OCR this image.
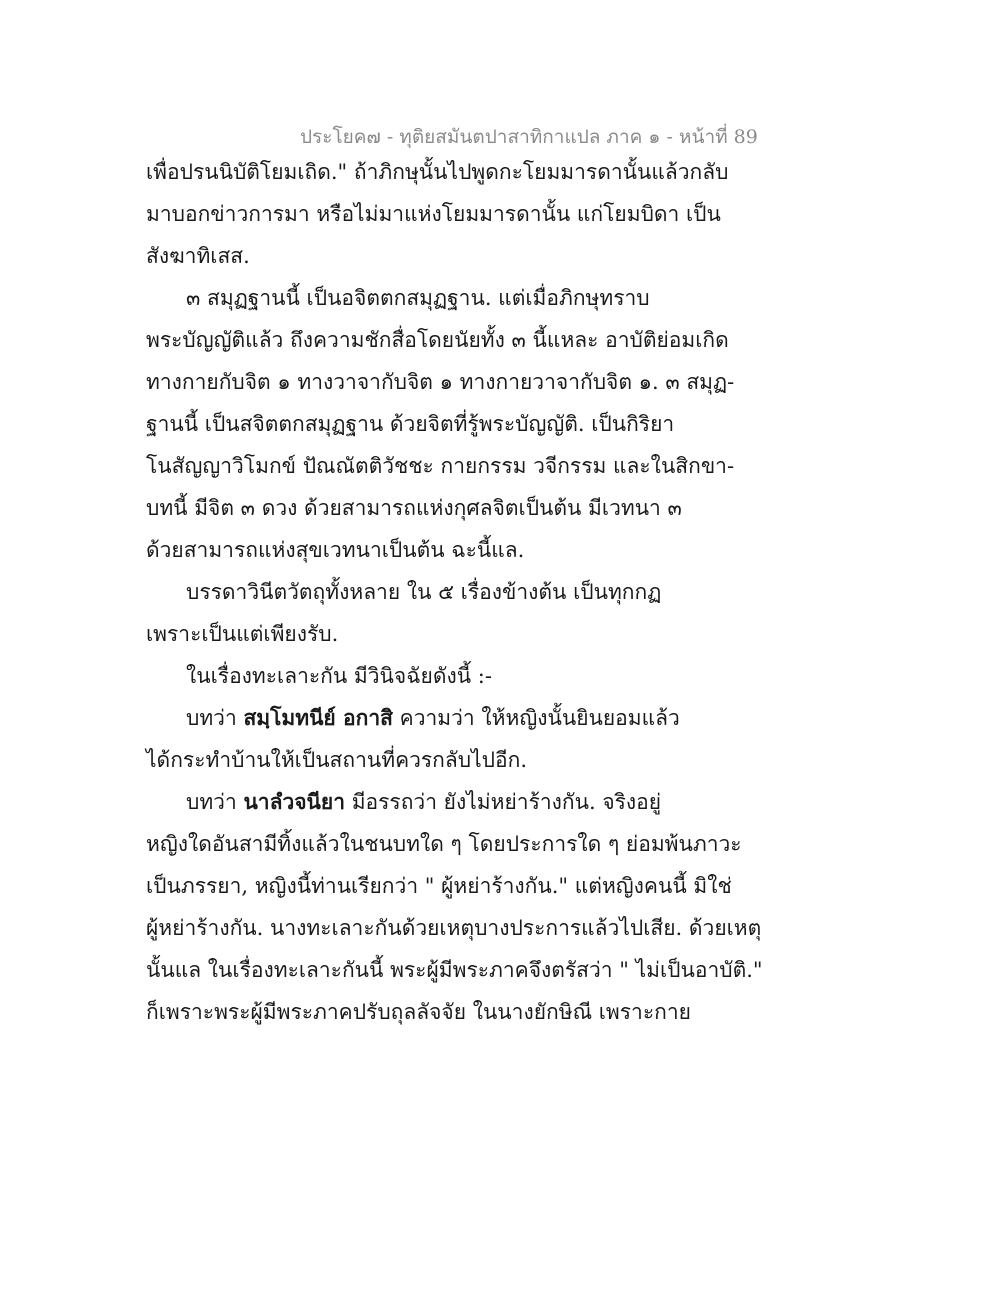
ประโยค๗ - ทุติยสมันตปาสาทิกาแปล ภาค ๑ - หน้าที่ 89
เพื่อปรนนิบัติโยมเถิด." ถ้าภิกษุนั้นไปพูดกะโยมมารดานั้นแล้วกลับ
มาบอกข่าวการมา หรือไม่มาแห่งโยมมารดานั้น แก่โยมบิดา เป็น
สังฆาทิเสส.
๓ สมุฏฐานนี้ เป็นอจิตตกสมุฏฐาน. แต่เมื่อภิกษุทราบ
พระบัญญัติแล้ว ถึงความชักสื่อโดยนัยทั้ง ๓ นี้แหละ อาบัติย่อมเกิด
ทางกายกับจิต ๑ ทางวาจากับจิต ๑ ทางกายวาจากับจิต ๑. ๓ สมุฏ-
ฐานนี้ เป็นสจิตตกสมุฏฐาน ด้วยจิตที่รู้พระบัญญัติ. เป็นกิริยา
โนสัญญาวิโมกข์ ปัณณัตติวัชชะ กายกรรม วจีกรรม และในสิกขา-
บทนี้ มีจิต ๓ ดวง ด้วยสามารถแห่งกุศลจิตเป็นต้น มีเวทนา ๓
ด้วยสามารถแห่งสุขเวทนาเป็นต้น ฉะนี้แล.
บรรดาวินีตวัตถุทั้งหลาย ใน ๕ เรื่องข้างต้น เป็นทุกกฏ
เพราะเป็นแต่เพียงรับ.
ในเรื่องทะเลาะกัน มีวินิจฉัยดังนี้ :-
บทว่า สมฺโมทนีย์ อกาสิ ความว่า ให้หญิงนั้นยินยอมแล้ว
ได้กระทำบ้านให้เป็นสถานที่ควรกลับไปอีก.
บทว่า นาลํวจนียา มีอรรถว่า ยังไม่หย่าร้างกัน. จริงอยู่
หญิงใดอันสามีทิ้งแล้วในชนบทใด ๆ โดยประการใด ๆ ย่อมพ้นภาวะ
เป็นภรรยา, หญิงนี้ท่านเรียกว่า " ผู้หย่าร้างกัน." แต่หญิงคนนี้ มิใช่
ผู้หย่าร้างกัน. นางทะเลาะกันด้วยเหตุบางประการแล้วไปเสีย. ด้วยเหตุ
นั้นแล ในเรื่องทะเลาะกันนี้ พระผู้มีพระภาคจึงตรัสว่า " ไม่เป็นอาบัติ."
ก็เพราะพระผู้มีพระภาคปรับถุลลัจจัย ในนางยักษิณี เพราะกาย
